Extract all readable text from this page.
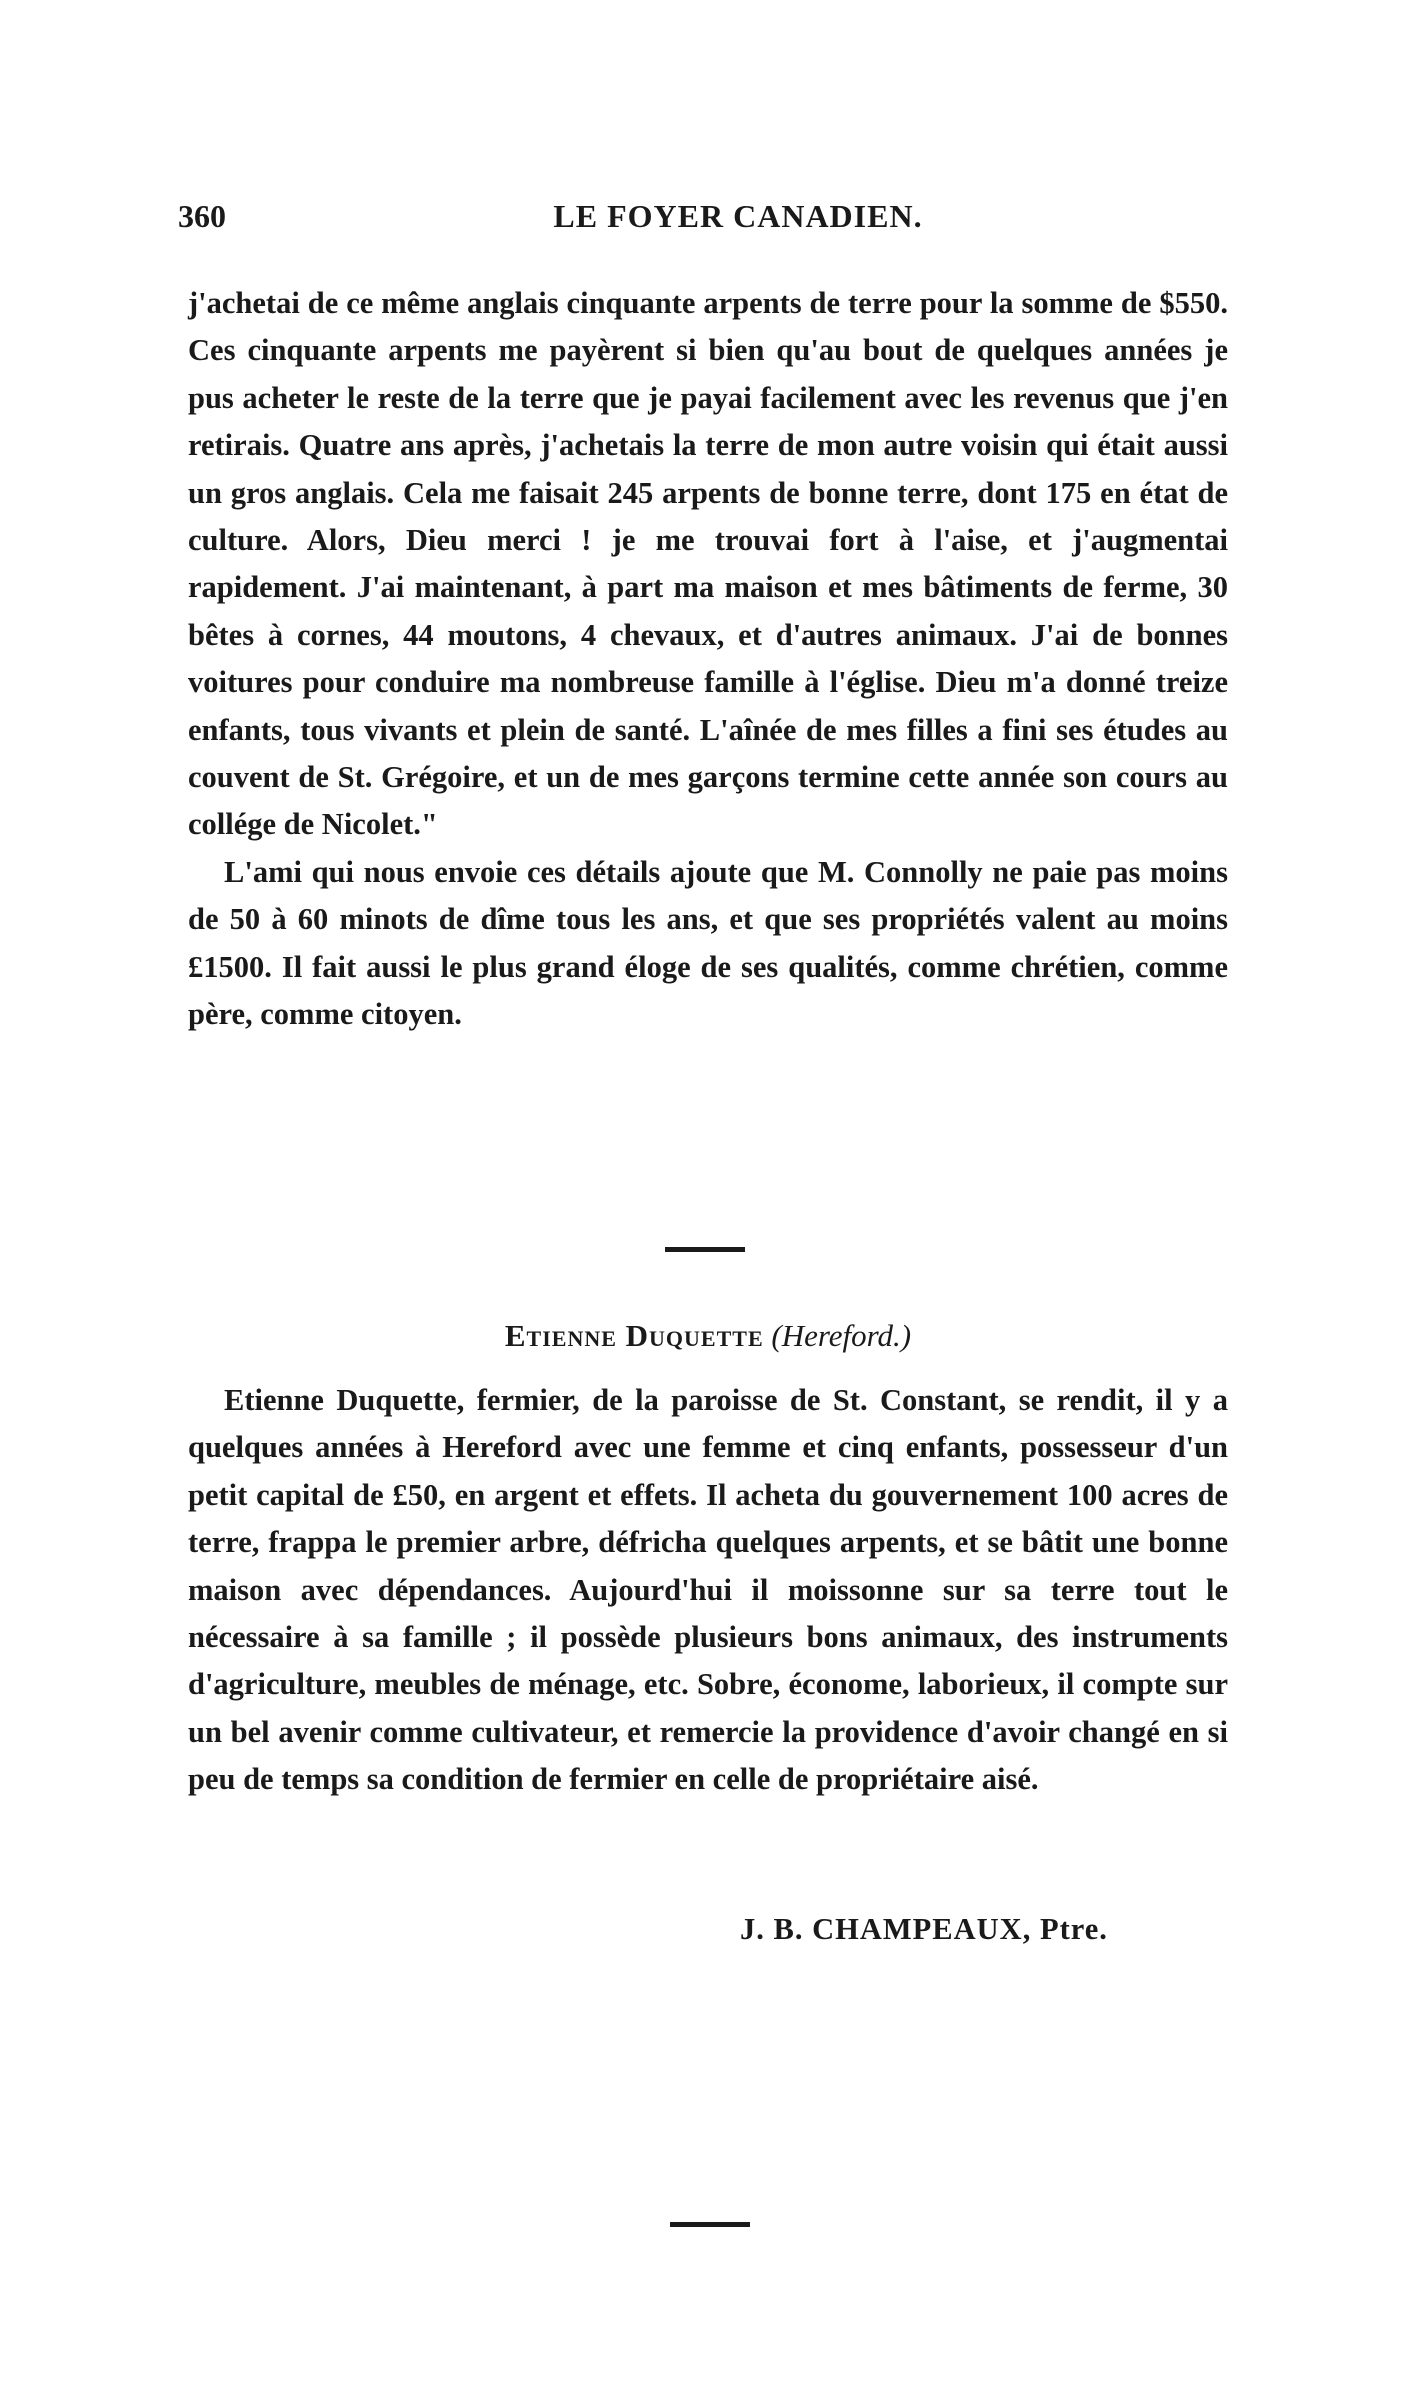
360	LE FOYER CANADIEN.

j'achetai de ce même anglais cinquante arpents de terre pour la somme de $550. Ces cinquante arpents me payèrent si bien qu'au bout de quelques années je pus acheter le reste de la terre que je payai facilement avec les revenus que j'en retirais. Quatre ans après, j'achetais la terre de mon autre voisin qui était aussi un gros anglais. Cela me faisait 245 arpents de bonne terre, dont 175 en état de culture. Alors, Dieu merci ! je me trouvai fort à l'aise, et j'augmentai rapidement. J'ai maintenant, à part ma maison et mes bâtiments de ferme, 30 bêtes à cornes, 44 moutons, 4 chevaux, et d'autres animaux. J'ai de bonnes voitures pour conduire ma nombreuse famille à l'église. Dieu m'a donné treize enfants, tous vivants et plein de santé. L'aînée de mes filles a fini ses études au couvent de St. Grégoire, et un de mes garçons termine cette année son cours au collége de Nicolet."

L'ami qui nous envoie ces détails ajoute que M. Connolly ne paie pas moins de 50 à 60 minots de dîme tous les ans, et que ses propriétés valent au moins £1500. Il fait aussi le plus grand éloge de ses qualités, comme chrétien, comme père, comme citoyen.

Etienne Duquette (Hereford.)

Etienne Duquette, fermier, de la paroisse de St. Constant, se rendit, il y a quelques années à Hereford avec une femme et cinq enfants, possesseur d'un petit capital de £50, en argent et effets. Il acheta du gouvernement 100 acres de terre, frappa le premier arbre, défricha quelques arpents, et se bâtit une bonne maison avec dépendances. Aujourd'hui il moissonne sur sa terre tout le nécessaire à sa famille ; il possède plusieurs bons animaux, des instruments d'agriculture, meubles de ménage, etc. Sobre, économe, laborieux, il compte sur un bel avenir comme cultivateur, et remercie la providence d'avoir changé en si peu de temps sa condition de fermier en celle de propriétaire aisé.

J. B. CHAMPEAUX, Ptre.
